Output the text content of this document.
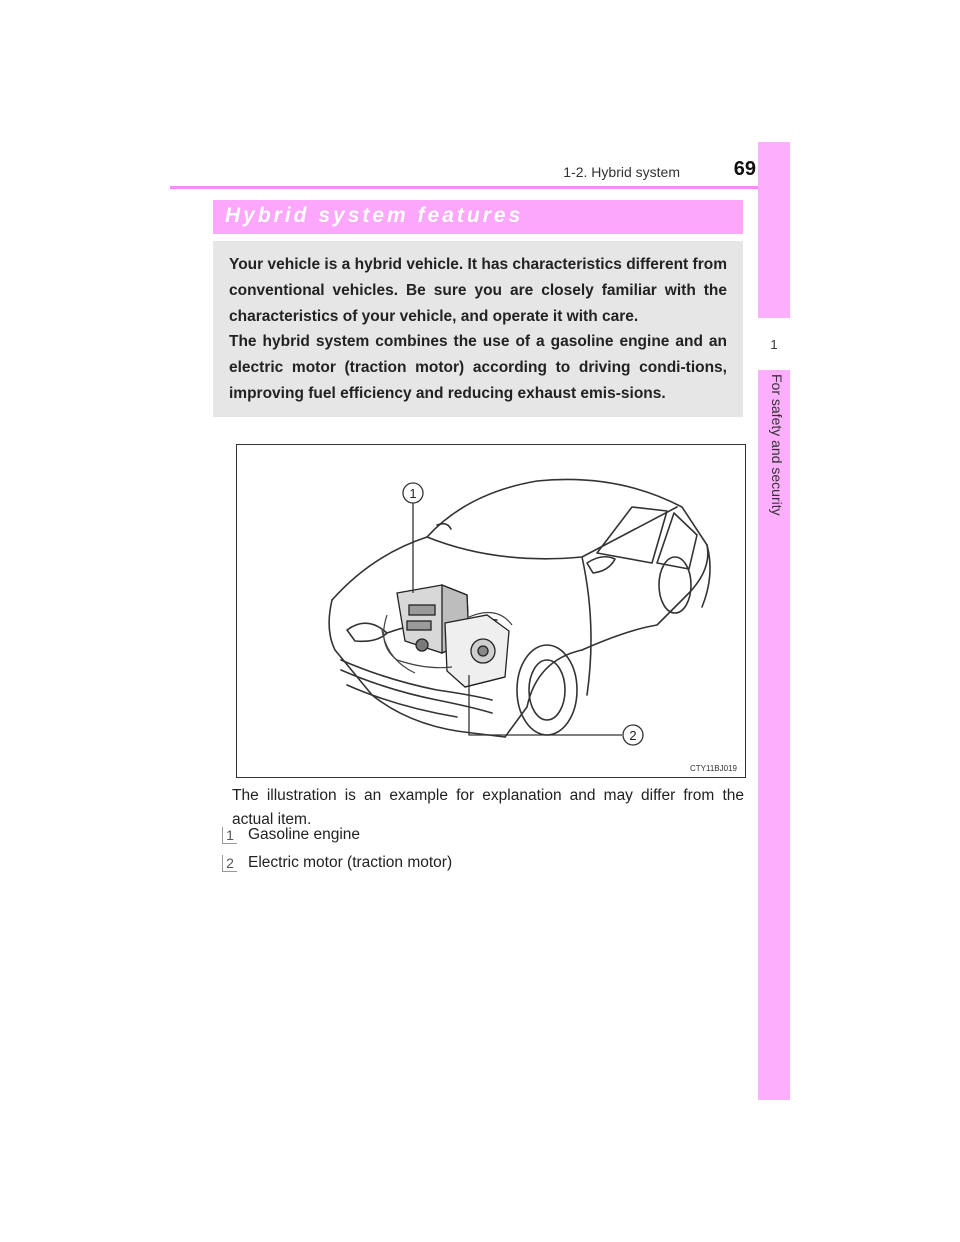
1-2. Hybrid system	69
1
For safety and security
Hybrid system features

Your vehicle is a hybrid vehicle. It has characteristics different from conventional vehicles. Be sure you are closely familiar with the characteristics of your vehicle, and operate it with care.

The hybrid system combines the use of a gasoline engine and an electric motor (traction motor) according to driving condi-tions, improving fuel efficiency and reducing exhaust emis-sions.

1
2
CTY11BJ019

The illustration is an example for explanation and may differ from the actual item.

1 Gasoline engine
2 Electric motor (traction motor)
